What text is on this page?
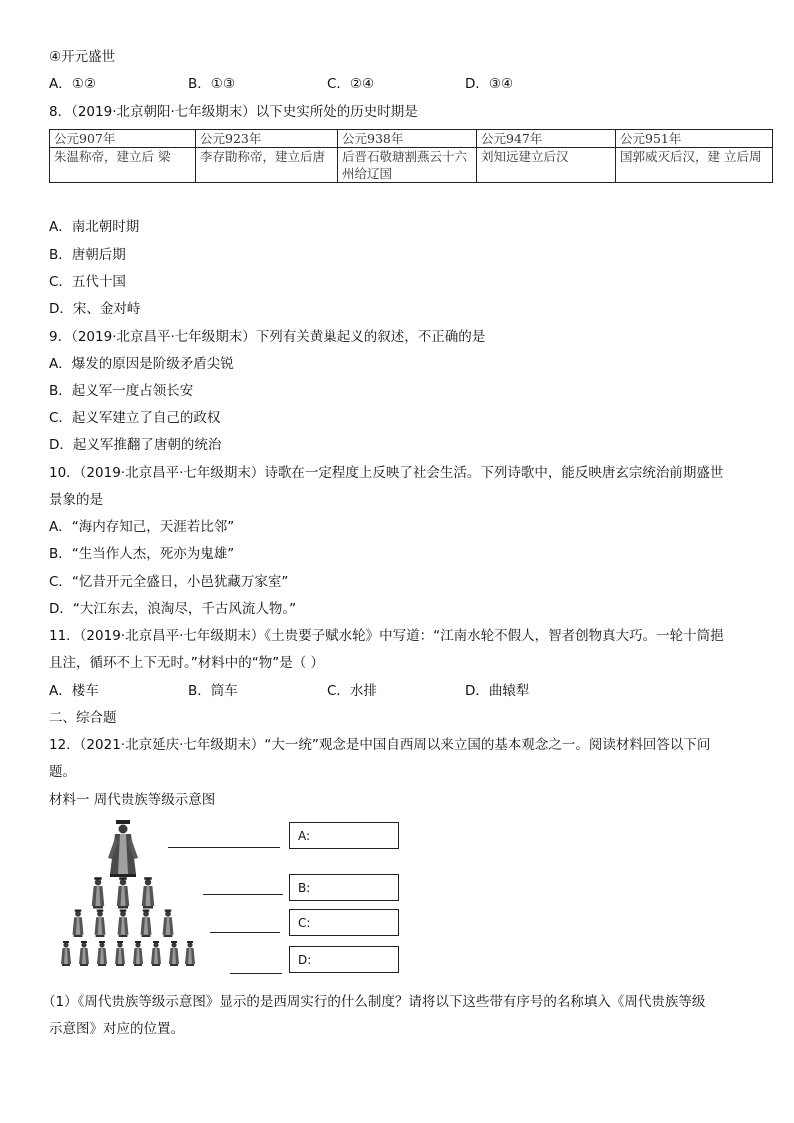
④开元盛世
A．①②	B．①③	C．②④	D．③④
8．（2019·北京朝阳·七年级期末）以下史实所处的历史时期是
公元907年	公元923年	公元938年	公元947年	公元951年
朱温称帝，建立后 梁	李存勖称帝，建立后唐	后晋石敬瑭割燕云十六州给辽国	刘知远建立后汉	国郭威灭后汉，建 立后周
A．南北朝时期
B．唐朝后期
C．五代十国
D．宋、金对峙
9．（2019·北京昌平·七年级期末）下列有关黄巢起义的叙述，不正确的是
A．爆发的原因是阶级矛盾尖锐
B．起义军一度占领长安
C．起义军建立了自己的政权
D．起义军推翻了唐朝的统治
10．（2019·北京昌平·七年级期末）诗歌在一定程度上反映了社会生活。下列诗歌中，能反映唐玄宗统治前期盛世
景象的是
A．“海内存知己，天涯若比邻”
B．“生当作人杰，死亦为鬼雄”
C．“忆昔开元全盛日，小邑犹藏万家室”
D．“大江东去，浪淘尽，千古风流人物。”
11．（2019·北京昌平·七年级期末）《土贵要子赋水轮》中写道：“江南水轮不假人，智者创物真大巧。一轮十筒挹
且注，循环不上下无时。”材料中的“物”是（ ）
A．楼车	B．筒车	C．水排	D．曲辕犁
二、综合题
12．（2021·北京延庆·七年级期末）“大一统”观念是中国自西周以来立国的基本观念之一。阅读材料回答以下问
题。
材料一 周代贵族等级示意图
A:
B:
C:
D:
（1）《周代贵族等级示意图》显示的是西周实行的什么制度？请将以下这些带有序号的名称填入《周代贵族等级
示意图》对应的位置。
